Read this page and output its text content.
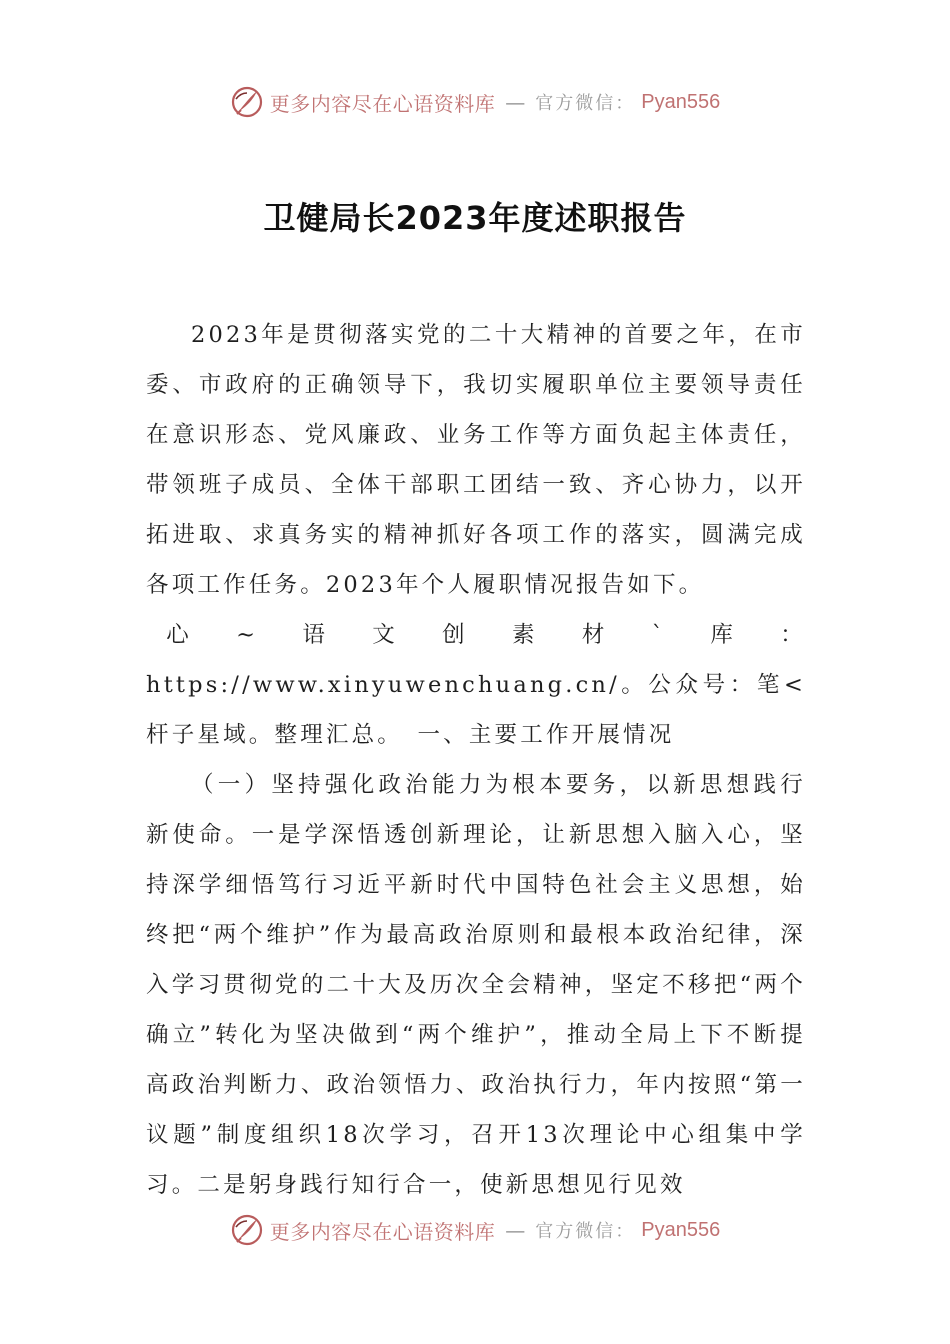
更多内容尽在心语资料库 — 官方微信： Pyan556
卫健局长2023年度述职报告

2023年是贯彻落实党的二十大精神的首要之年，在市委、市政府的正确领导下，我切实履职单位主要领导责任在意识形态、党风廉政、业务工作等方面负起主体责任，带领班子成员、全体干部职工团结一致、齐心协力，以开拓进取、求真务实的精神抓好各项工作的落实，圆满完成各项工作任务。2023年个人履职情况报告如下。

心~语文创素材`库：https://www.xinyuwenchuang.cn/。公众号：笔<杆子星域。整理汇总。　一、主要工作开展情况

（一）坚持强化政治能力为根本要务，以新思想践行新使命。一是学深悟透创新理论，让新思想入脑入心，坚持深学细悟笃行习近平新时代中国特色社会主义思想，始终把“两个维护”作为最高政治原则和最根本政治纪律，深入学习贯彻党的二十大及历次全会精神，坚定不移把“两个确立”转化为坚决做到“两个维护”，推动全局上下不断提高政治判断力、政治领悟力、政治执行力，年内按照“第一议题”制度组织18次学习，召开13次理论中心组集中学习。二是躬身践行知行合一，使新思想见行见效

更多内容尽在心语资料库 — 官方微信： Pyan556
